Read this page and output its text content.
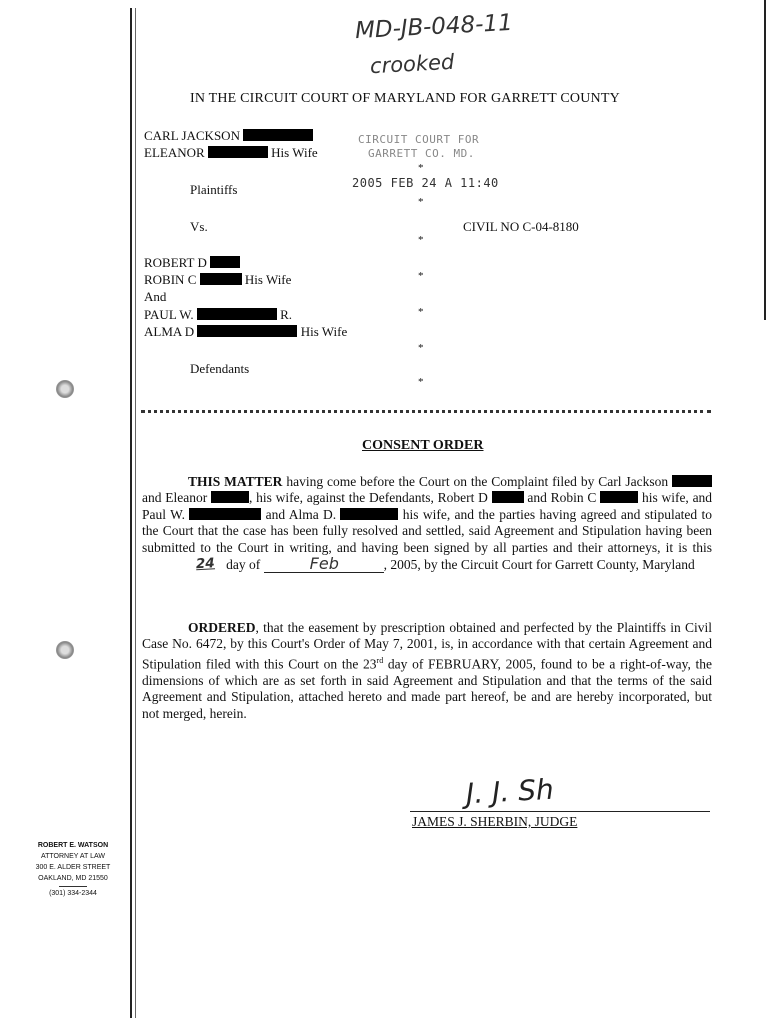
MD-JB-048-11
crooked
IN THE CIRCUIT COURT OF MARYLAND FOR GARRETT COUNTY
CIRCUIT COURT FOR
GARRETT CO. MD.
2005 FEB 24 A 11:40
CARL JACKSON
ELEANOR	His Wife
Plaintiffs
Vs.	CIVIL NO C-04-8180
ROBERT D
ROBIN C	His Wife
And
PAUL W.	R.
ALMA D	His Wife
Defendants
*
*
*
*
*
*
*
CONSENT ORDER

THIS MATTER having come before the Court on the Complaint filed by Carl Jackson  and Eleanor	, his wife, against the Defendants, Robert D	and Robin C	his wife, and Paul W.	and Alma D.	his wife, and the parties having agreed and stipulated to the Court that the case has been fully resolved and settled, said Agreement and Stipulation having been submitted to the Court in writing, and having been signed by all parties and their attorneys, it is this 24 day of	Feb	, 2005, by the Circuit Court for Garrett County, Maryland

ORDERED, that the easement by prescription obtained and perfected by the Plaintiffs in Civil Case No. 6472, by this Court's Order of May 7, 2001, is, in accordance with that certain Agreement and Stipulation filed with this Court on the 23rd day of FEBRUARY, 2005, found to be a right-of-way, the dimensions of which are as set forth in said Agreement and Stipulation and that the terms of the said Agreement and Stipulation, attached hereto and made part hereof, be and are hereby incorporated, but not merged, herein.

J. J. Sh
JAMES J. SHERBIN, JUDGE
ROBERT E. WATSON
ATTORNEY AT LAW
300 E. ALDER STREET
OAKLAND, MD 21550
(301) 334-2344
